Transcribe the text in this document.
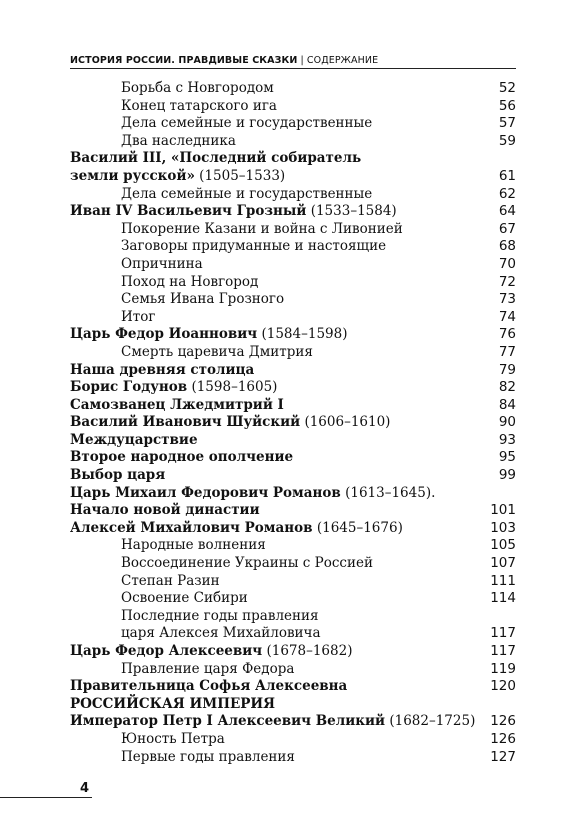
ИСТОРИЯ РОССИИ. ПРАВДИВЫЕ СКАЗКИ | СОДЕРЖАНИЕ
Борьба с Новгородом	52
Конец татарского ига	56
Дела семейные и государственные	57
Два наследника	59
Василий III, «Последний собиратель
земли русской» (1505–1533)	61
Дела семейные и государственные	62
Иван IV Васильевич Грозный (1533–1584)	64
Покорение Казани и война с Ливонией	67
Заговоры придуманные и настоящие	68
Опричнина	70
Поход на Новгород	72
Семья Ивана Грозного	73
Итог	74
Царь Федор Иоаннович (1584–1598)	76
Смерть царевича Дмитрия	77
Наша древняя столица	79
Борис Годунов (1598–1605)	82
Самозванец Лжедмитрий I	84
Василий Иванович Шуйский (1606–1610)	90
Междуцарствие	93
Второе народное ополчение	95
Выбор царя	99
Царь Михаил Федорович Романов (1613–1645).
Начало новой династии	101
Алексей Михайлович Романов (1645–1676)	103
Народные волнения	105
Воссоединение Украины с Россией	107
Степан Разин	111
Освоение Сибири	114
Последние годы правления
царя Алексея Михайловича	117
Царь Федор Алексеевич (1678–1682)	117
Правление царя Федора	119
Правительница Софья Алексеевна	120
РОССИЙСКАЯ ИМПЕРИЯ
Император Петр I Алексеевич Великий (1682–1725) 126
Юность Петра	126
Первые годы правления	127
4
